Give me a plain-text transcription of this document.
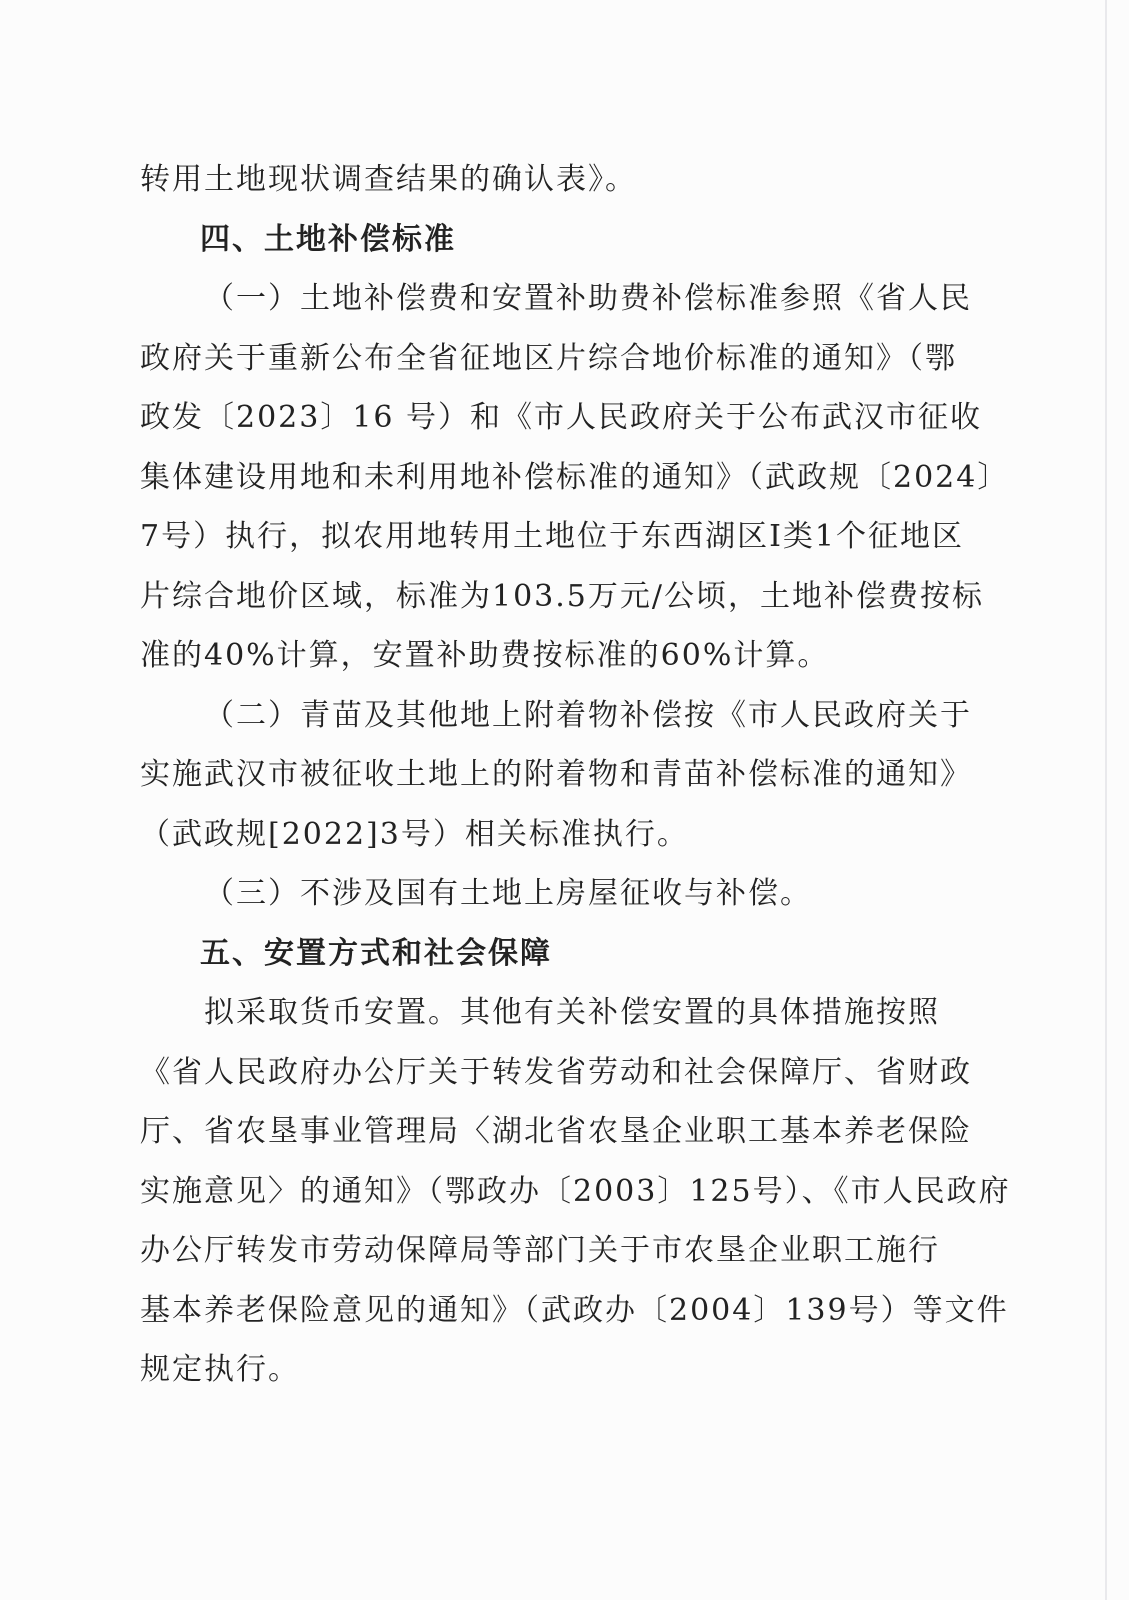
转用土地现状调查结果的确认表》。
四、土地补偿标准
（一）土地补偿费和安置补助费补偿标准参照《省人民
政府关于重新公布全省征地区片综合地价标准的通知》（鄂
政发〔2023〕16 号）和《市人民政府关于公布武汉市征收
集体建设用地和未利用地补偿标准的通知》（武政规〔2024〕
7号）执行，拟农用地转用土地位于东西湖区Ⅰ类1个征地区
片综合地价区域，标准为103.5万元/公顷，土地补偿费按标
准的40%计算，安置补助费按标准的60%计算。
（二）青苗及其他地上附着物补偿按《市人民政府关于
实施武汉市被征收土地上的附着物和青苗补偿标准的通知》
（武政规[2022]3号）相关标准执行。
（三）不涉及国有土地上房屋征收与补偿。
五、安置方式和社会保障
拟采取货币安置。其他有关补偿安置的具体措施按照
《省人民政府办公厅关于转发省劳动和社会保障厅、省财政
厅、省农垦事业管理局〈湖北省农垦企业职工基本养老保险
实施意见〉的通知》（鄂政办〔2003〕125号）、《市人民政府
办公厅转发市劳动保障局等部门关于市农垦企业职工施行
基本养老保险意见的通知》（武政办〔2004〕139号）等文件
规定执行。
